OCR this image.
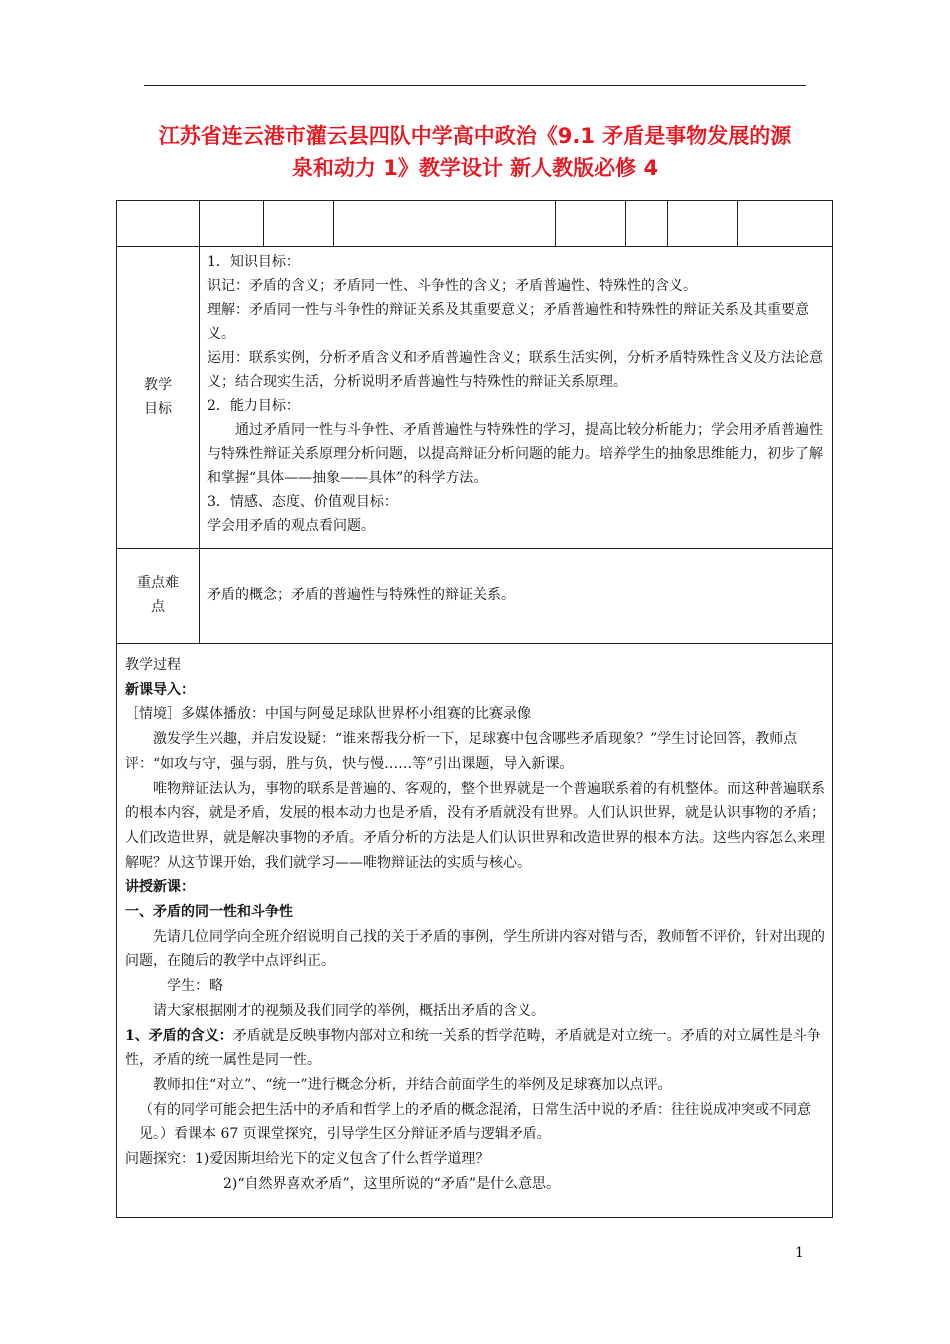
江苏省连云港市灌云县四队中学高中政治《9.1 矛盾是事物发展的源
泉和动力 1》教学设计 新人教版必修 4
教学
目标

1．知识目标：

识记：矛盾的含义；矛盾同一性、斗争性的含义；矛盾普遍性、特殊性的含义。

理解：矛盾同一性与斗争性的辩证关系及其重要意义；矛盾普遍性和特殊性的辩证关系及其重要意义。

运用：联系实例，分析矛盾含义和矛盾普遍性含义；联系生活实例，分析矛盾特殊性含义及方法论意义；结合现实生活，分析说明矛盾普遍性与特殊性的辩证关系原理。

2．能力目标：

通过矛盾同一性与斗争性、矛盾普遍性与特殊性的学习，提高比较分析能力；学会用矛盾普遍性与特殊性辩证关系原理分析问题，以提高辩证分析问题的能力。培养学生的抽象思维能力，初步了解和掌握“具体——抽象——具体”的科学方法。

3．情感、态度、价值观目标：

学会用矛盾的观点看问题。

重点难
点
矛盾的概念；矛盾的普遍性与特殊性的辩证关系。

教学过程

新课导入：

［情境］多媒体播放：中国与阿曼足球队世界杯小组赛的比赛录像

激发学生兴趣，并启发设疑：“谁来帮我分析一下，足球赛中包含哪些矛盾现象？”学生讨论回答，教师点评：“如攻与守，强与弱，胜与负，快与慢……等”引出课题，导入新课。

唯物辩证法认为，事物的联系是普遍的、客观的，整个世界就是一个普遍联系着的有机整体。而这种普遍联系的根本内容，就是矛盾，发展的根本动力也是矛盾，没有矛盾就没有世界。人们认识世界，就是认识事物的矛盾；人们改造世界，就是解决事物的矛盾。矛盾分析的方法是人们认识世界和改造世界的根本方法。这些内容怎么来理解呢？从这节课开始，我们就学习——唯物辩证法的实质与核心。

讲授新课：

一、矛盾的同一性和斗争性

先请几位同学向全班介绍说明自己找的关于矛盾的事例，学生所讲内容对错与否，教师暂不评价，针对出现的问题，在随后的教学中点评纠正。

学生：略

请大家根据刚才的视频及我们同学的举例，概括出矛盾的含义。

1、矛盾的含义：矛盾就是反映事物内部对立和统一关系的哲学范畴，矛盾就是对立统一。矛盾的对立属性是斗争性，矛盾的统一属性是同一性。

教师扣住“对立”、“统一”进行概念分析，并结合前面学生的举例及足球赛加以点评。

（有的同学可能会把生活中的矛盾和哲学上的矛盾的概念混淆，日常生活中说的矛盾：往往说成冲突或不同意见。）看课本 67 页课堂探究，引导学生区分辩证矛盾与逻辑矛盾。

问题探究：1)爱因斯坦给光下的定义包含了什么哲学道理？

2)“自然界喜欢矛盾”，这里所说的“矛盾”是什么意思。

1
